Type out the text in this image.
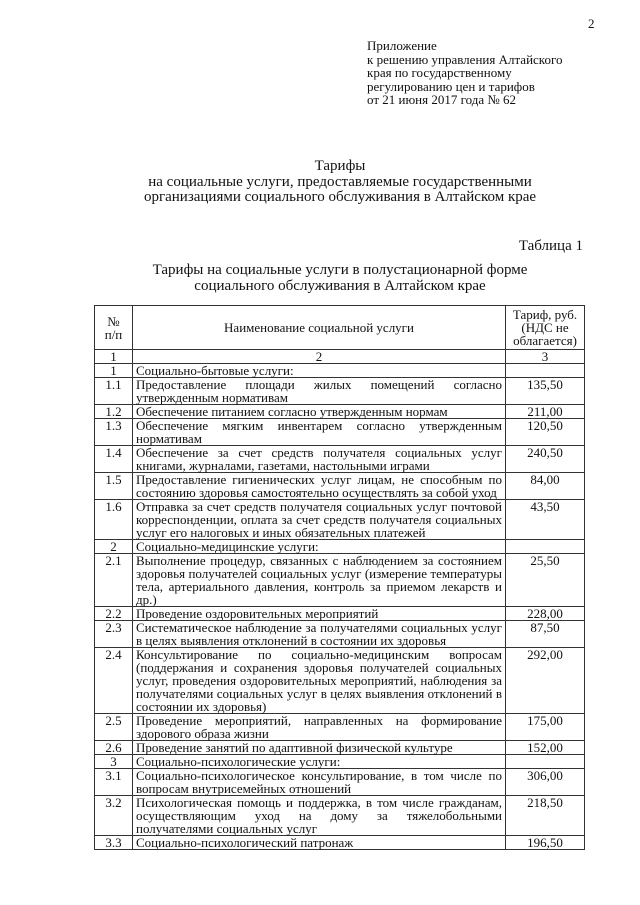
2
Приложение
к решению управления Алтайского
края по государственному
регулированию цен и тарифов
от 21 июня 2017 года № 62
Тарифы
на социальные услуги, предоставляемые государственными
организациями социального обслуживания в Алтайском крае
Таблица 1
Тарифы на социальные услуги в полустационарной форме
социального обслуживания в Алтайском крае
№ п/п	Наименование социальной услуги	Тариф, руб. (НДС не облагается)
1	2	3
1	Социально-бытовые услуги:	
1.1	Предоставление площади жилых помещений согласно утвержденным нормативам	135,50
1.2	Обеспечение питанием согласно утвержденным нормам	211,00
1.3	Обеспечение мягким инвентарем согласно утвержденным нормативам	120,50
1.4	Обеспечение за счет средств получателя социальных услуг книгами, журналами, газетами, настольными играми	240,50
1.5	Предоставление гигиенических услуг лицам, не способным по состоянию здоровья самостоятельно осуществлять за собой уход	84,00
1.6	Отправка за счет средств получателя социальных услуг почтовой корреспонденции, оплата за счет средств получателя социальных услуг его налоговых и иных обязательных платежей	43,50
2	Социально-медицинские услуги:	
2.1	Выполнение процедур, связанных с наблюдением за состоянием здоровья получателей социальных услуг (измерение температуры тела, артериального давления, контроль за приемом лекарств и др.)	25,50
2.2	Проведение оздоровительных мероприятий	228,00
2.3	Систематическое наблюдение за получателями социальных услуг в целях выявления отклонений в состоянии их здоровья	87,50
2.4	Консультирование по социально-медицинским вопросам (поддержания и сохранения здоровья получателей социальных услуг, проведения оздоровительных мероприятий, наблюдения за получателями социальных услуг в целях выявления отклонений в состоянии их здоровья)	292,00
2.5	Проведение мероприятий, направленных на формирование здорового образа жизни	175,00
2.6	Проведение занятий по адаптивной физической культуре	152,00
3	Социально-психологические услуги:	
3.1	Социально-психологическое консультирование, в том числе по вопросам внутрисемейных отношений	306,00
3.2	Психологическая помощь и поддержка, в том числе гражданам, осуществляющим уход на дому за тяжелобольными получателями социальных услуг	218,50
3.3	Социально-психологический патронаж	196,50
